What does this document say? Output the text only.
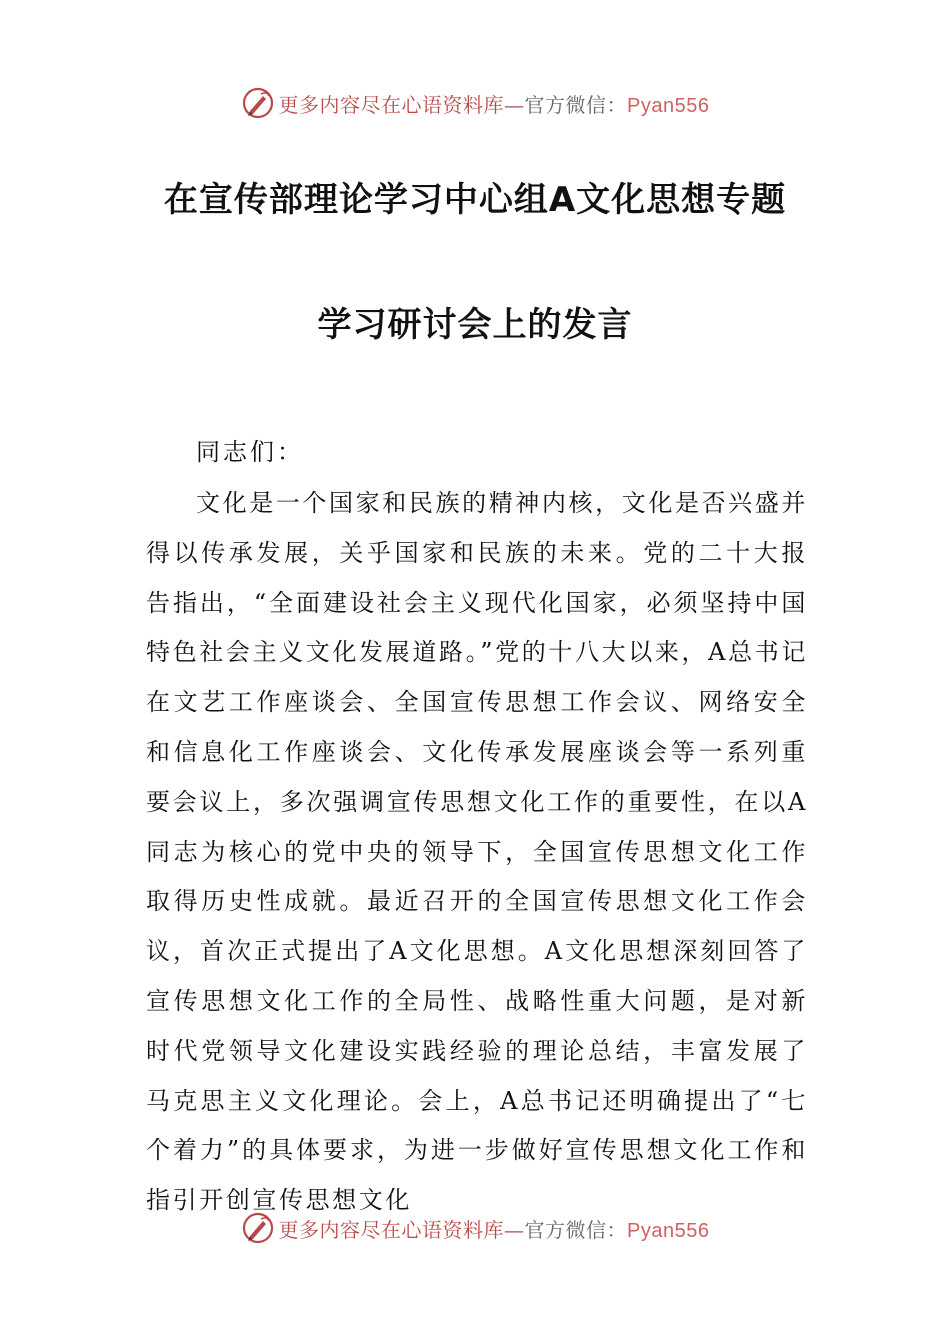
更多内容尽在心语资料库—官方微信：Pyan556
在宣传部理论学习中心组A文化思想专题
学习研讨会上的发言
同志们：

文化是一个国家和民族的精神内核，文化是否兴盛并得以传承发展，关乎国家和民族的未来。党的二十大报告指出，“全面建设社会主义现代化国家，必须坚持中国特色社会主义文化发展道路。”党的十八大以来，A总书记在文艺工作座谈会、全国宣传思想工作会议、网络安全和信息化工作座谈会、文化传承发展座谈会等一系列重要会议上，多次强调宣传思想文化工作的重要性，在以A同志为核心的党中央的领导下，全国宣传思想文化工作取得历史性成就。最近召开的全国宣传思想文化工作会议，首次正式提出了A文化思想。A文化思想深刻回答了宣传思想文化工作的全局性、战略性重大问题，是对新时代党领导文化建设实践经验的理论总结，丰富发展了马克思主义文化理论。会上，A总书记还明确提出了“七个着力”的具体要求，为进一步做好宣传思想文化工作和指引开创宣传思想文化

更多内容尽在心语资料库—官方微信：Pyan556
